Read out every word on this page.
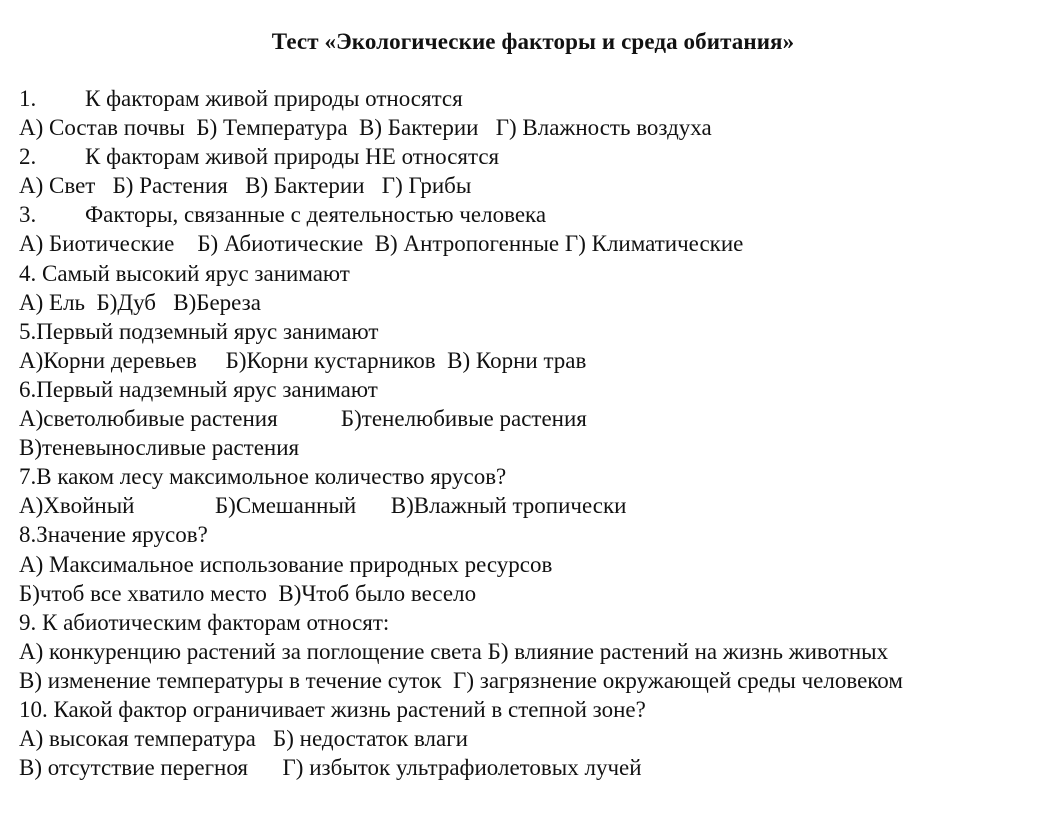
Тест «Экологические факторы и среда обитания»
1. К факторам живой природы относятся
А) Состав почвы  Б) Температура  В) Бактерии   Г) Влажность воздуха
2. К факторам живой природы НЕ относятся
А) Свет   Б) Растения   В) Бактерии   Г) Грибы
3. Факторы, связанные с деятельностью человека
А) Биотические    Б) Абиотические  В) Антропогенные Г) Климатические
4. Самый высокий ярус занимают
А) Ель  Б)Дуб   В)Береза
5.Первый подземный ярус занимают
А)Корни деревьев     Б)Корни кустарников  В) Корни трав
6.Первый надземный ярус занимают
А)светолюбивые растения           Б)тенелюбивые растения
В)теневыносливые растения
7.В каком лесу максимольное количество ярусов?
А)Хвойный              Б)Смешанный      В)Влажный тропически
8.Значение ярусов?
А) Максимальное использование природных ресурсов
Б)чтоб все хватило место  В)Чтоб было весело
9. К абиотическим факторам относят:
А) конкуренцию растений за поглощение света Б) влияние растений на жизнь животных
В) изменение температуры в течение суток  Г) загрязнение окружающей среды человеком
10. Какой фактор ограничивает жизнь растений в степной зоне?
А) высокая температура   Б) недостаток влаги
В) отсутствие перегноя      Г) избыток ультрафиолетовых лучей
